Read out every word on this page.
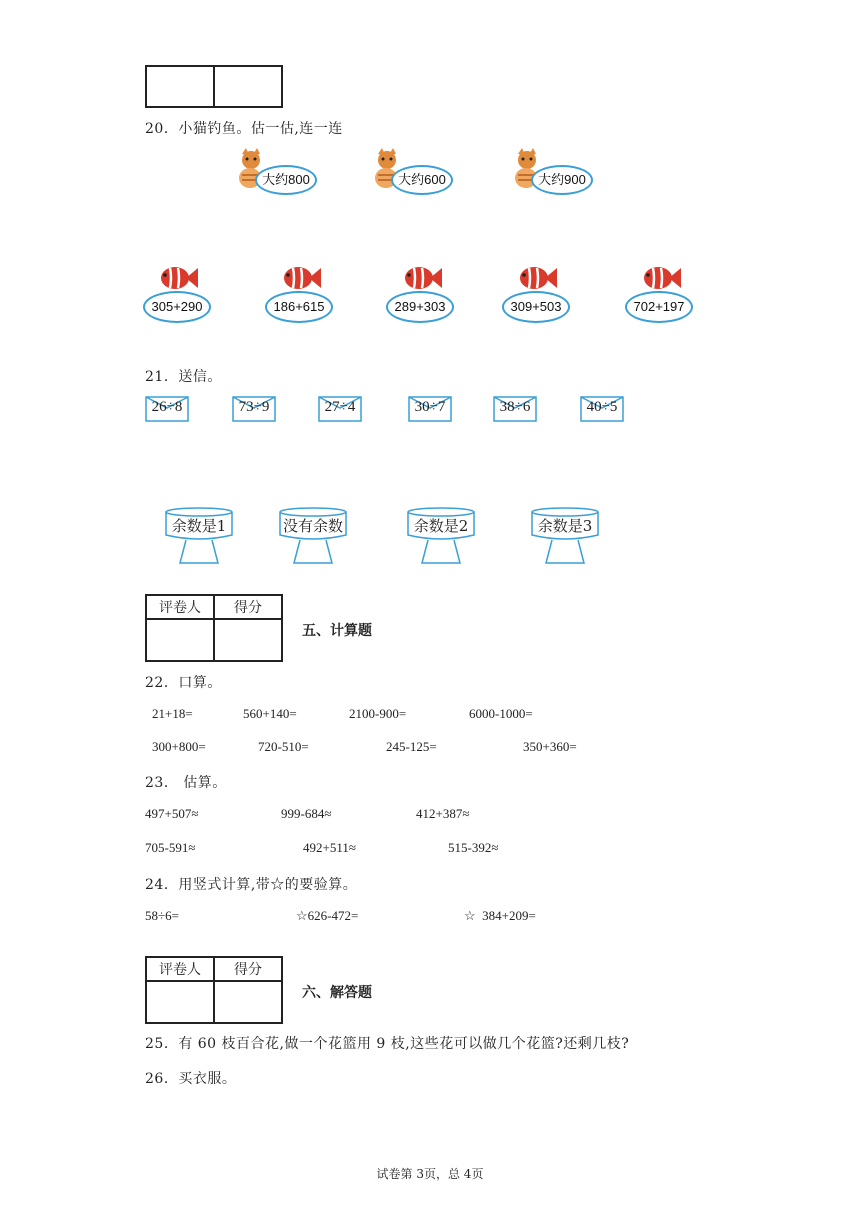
20．小猫钓鱼。估一估,连一连
大约800	大约600	大约900
305+290	186+615	289+303	309+503	702+197
21．送信。
26÷8	73÷9	27÷4	30÷7	38÷6	40÷5
余数是1	没有余数	余数是2	余数是3
评卷人	得分

五、计算题
22．口算。
21+18=	560+140=	2100-900=	6000-1000=
300+800=	720-510=	245-125=	350+360=
23． 估算。
497+507≈	999-684≈	412+387≈
705-591≈	492+511≈	515-392≈
24．用竖式计算,带☆的要验算。
58÷6=	☆626-472=	☆  384+209=
评卷人	得分

六、解答题
25．有 60 枝百合花,做一个花篮用 9 枝,这些花可以做几个花篮?还剩几枝?
26．买衣服。
试卷第 3页，总 4页
